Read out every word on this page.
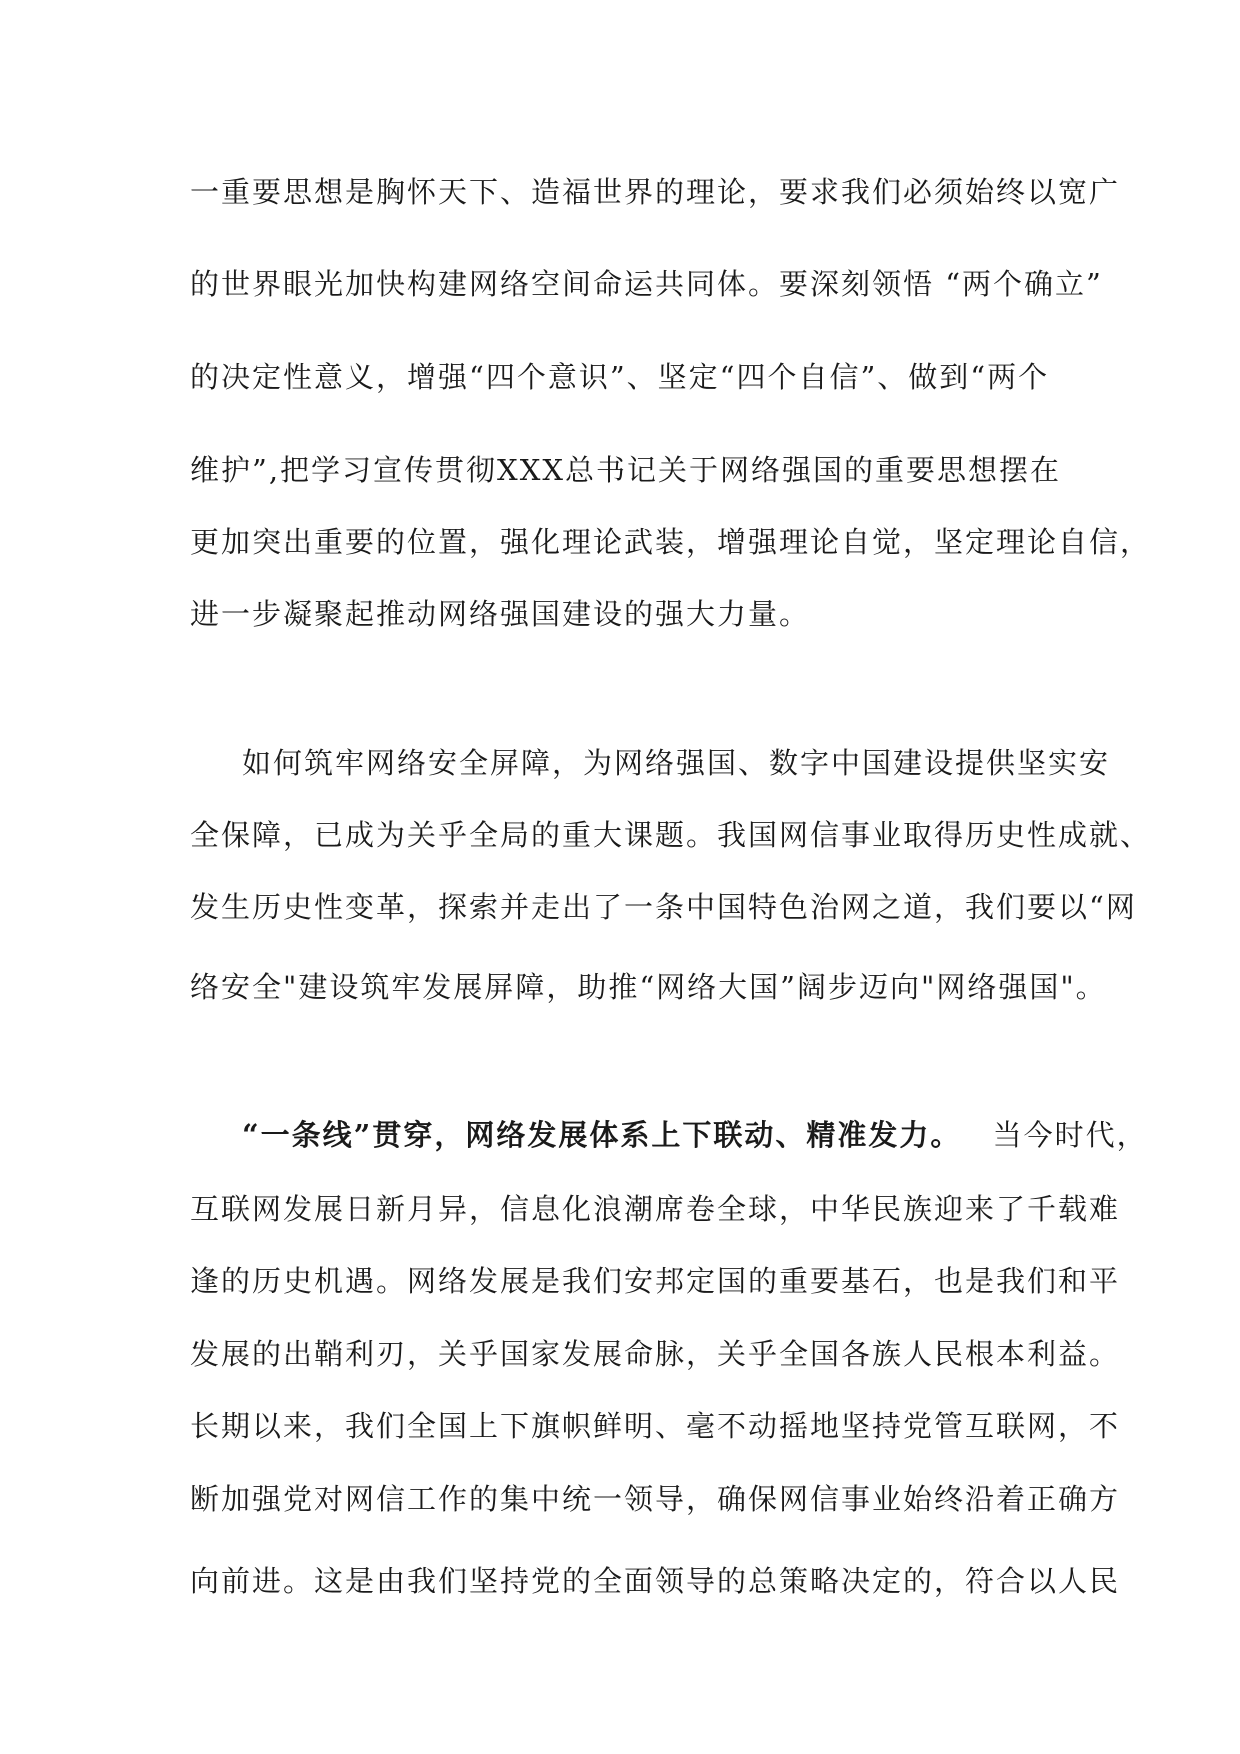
一重要思想是胸怀天下、造福世界的理论，要求我们必须始终以宽广

的世界眼光加快构建网络空间命运共同体。要深刻领悟 “两个确立”

的决定性意义，增强“四个意识”、坚定“四个自信”、做到“两个

维护”,把学习宣传贯彻XXX总书记关于网络强国的重要思想摆在

更加突出重要的位置，强化理论武装，增强理论自觉，坚定理论自信，

进一步凝聚起推动网络强国建设的强大力量。

如何筑牢网络安全屏障，为网络强国、数字中国建设提供坚实安

全保障，已成为关乎全局的重大课题。我国网信事业取得历史性成就、

发生历史性变革，探索并走出了一条中国特色治网之道，我们要以“网

络安全"建设筑牢发展屏障，助推“网络大国”阔步迈向"网络强国"。

“一条线”贯穿，网络发展体系上下联动、精准发力。 当今时代，

互联网发展日新月异，信息化浪潮席卷全球，中华民族迎来了千载难

逢的历史机遇。网络发展是我们安邦定国的重要基石，也是我们和平

发展的出鞘利刃，关乎国家发展命脉，关乎全国各族人民根本利益。

长期以来，我们全国上下旗帜鲜明、毫不动摇地坚持党管互联网，不

断加强党对网信工作的集中统一领导，确保网信事业始终沿着正确方

向前进。这是由我们坚持党的全面领导的总策略决定的，符合以人民
